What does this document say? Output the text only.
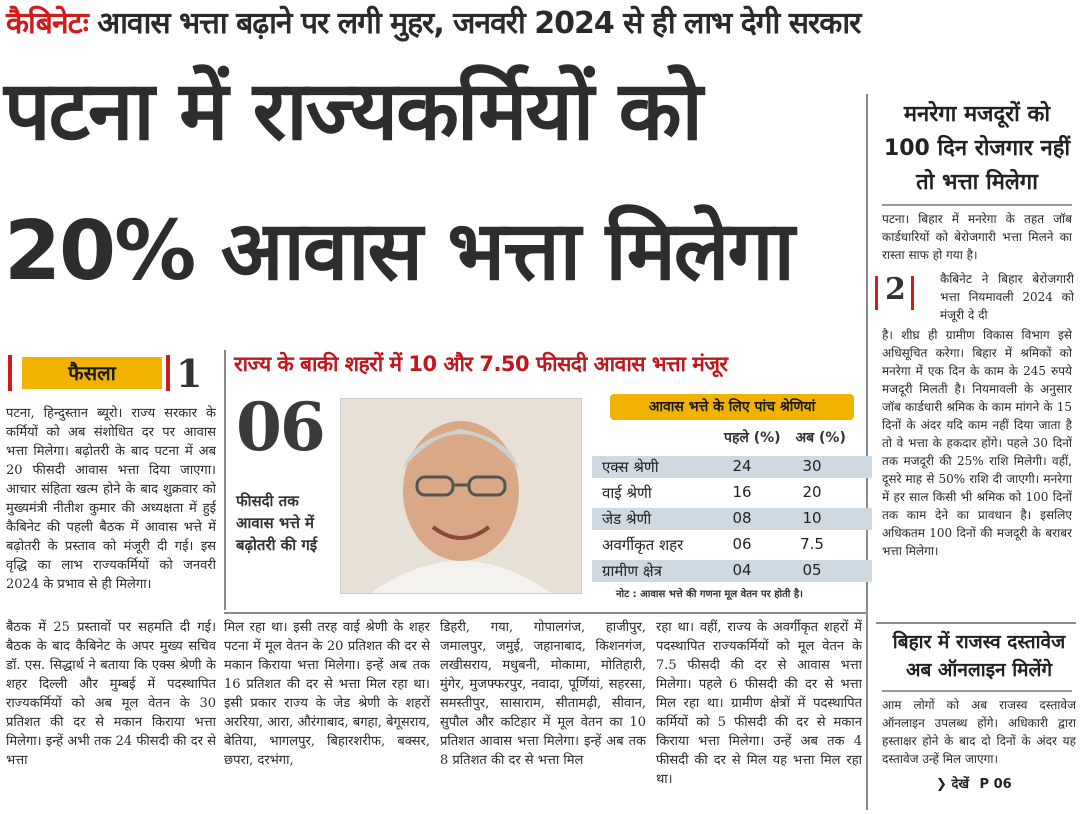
कैबिनेटः आवास भत्ता बढ़ाने पर लगी मुहर, जनवरी 2024 से ही लाभ देगी सरकार
पटना में राज्यकर्मियों को
20% आवास भत्ता मिलेगा
फैसला	1 राज्य के बाकी शहरों में 10 और 7.50 फीसदी आवास भत्ता मंजूर
पटना, हिन्दुस्तान ब्यूरो। राज्य सरकार के कर्मियों को अब संशोधित दर पर आवास भत्ता मिलेगा। बढ़ोतरी के बाद पटना में अब 20 फीसदी आवास भत्ता दिया जाएगा। आचार संहिता खत्म होने के बाद शुक्रवार को मुख्यमंत्री नीतीश कुमार की अध्यक्षता में हुई कैबिनेट की पहली बैठक में आवास भत्ते में बढ़ोतरी के प्रस्ताव को मंजूरी दी गई। इस वृद्धि का लाभ राज्यकर्मियों को जनवरी 2024 के प्रभाव से ही मिलेगा।
06
फीसदी तक आवास भत्ते में बढ़ोतरी की गई
आवास भत्ते के लिए पांच श्रेणियां
पहले (%) अब (%)
एक्स श्रेणी	24	30
वाई श्रेणी	16	20
जेड श्रेणी	08	10
अवर्गीकृत शहर	06	7.5
ग्रामीण क्षेत्र	04	05
नोट : आवास भत्ते की गणना मूल वेतन पर होती है।
बैठक में 25 प्रस्तावों पर सहमति दी गई। बैठक के बाद कैबिनेट के अपर मुख्य सचिव डॉ. एस. सिद्धार्थ ने बताया कि एक्स श्रेणी के शहर दिल्ली और मुम्बई में पदस्थापित राज्यकर्मियों को अब मूल वेतन के 30 प्रतिशत की दर से मकान किराया भत्ता मिलेगा। इन्हें अभी तक 24 फीसदी की दर से भत्ता
मिल रहा था। इसी तरह वाई श्रेणी के शहर पटना में मूल वेतन के 20 प्रतिशत की दर से मकान किराया भत्ता मिलेगा। इन्हें अब तक 16 प्रतिशत की दर से भत्ता मिल रहा था। इसी प्रकार राज्य के जेड श्रेणी के शहरों अररिया, आरा, औरंगाबाद, बगहा, बेगूसराय, बेतिया, भागलपुर, बिहारशरीफ, बक्सर, छपरा, दरभंगा,
डिहरी, गया, गोपालगंज, हाजीपुर, जमालपुर, जमुई, जहानाबाद, किशनगंज, लखीसराय, मधुबनी, मोकामा, मोतिहारी, मुंगेर, मुजफ्फरपुर, नवादा, पूर्णियां, सहरसा, समस्तीपुर, सासाराम, सीतामढ़ी, सीवान, सुपौल और कटिहार में मूल वेतन का 10 प्रतिशत आवास भत्ता मिलेगा। इन्हें अब तक 8 प्रतिशत की दर से भत्ता मिल
रहा था। वहीं, राज्य के अवर्गीकृत शहरों में पदस्थापित राज्यकर्मियों को मूल वेतन के 7.5 फीसदी की दर से आवास भत्ता मिलेगा। पहले 6 फीसदी की दर से भत्ता मिल रहा था। ग्रामीण क्षेत्रों में पदस्थापित कर्मियों को 5 फीसदी की दर से मकान किराया भत्ता मिलेगा। उन्हें अब तक 4 फीसदी की दर से मिल यह भत्ता मिल रहा था।
मनरेगा मजदूरों को 100 दिन रोजगार नहीं तो भत्ता मिलेगा
पटना। बिहार में मनरेगा के तहत जॉब कार्डधारियों को बेरोजगारी भत्ता मिलने का रास्ता साफ हो गया है।
2	कैबिनेट ने बिहार बेरोजगारी भत्ता नियमावली 2024 को मंजूरी दे दी
है। शीघ्र ही ग्रामीण विकास विभाग इसे अधिसूचित करेगा। बिहार में श्रमिकों को मनरेगा में एक दिन के काम के 245 रुपये मजदूरी मिलती है। नियमावली के अनुसार जॉब कार्डधारी श्रमिक के काम मांगने के 15 दिनों के अंदर यदि काम नहीं दिया जाता है तो वे भत्ता के हकदार होंगे। पहले 30 दिनों तक मजदूरी की 25% राशि मिलेगी। वहीं, दूसरे माह से 50% राशि दी जाएगी। मनरेगा में हर साल किसी भी श्रमिक को 100 दिनों तक काम देने का प्रावधान है। इसलिए अधिकतम 100 दिनों की मजदूरी के बराबर भत्ता मिलेगा।
बिहार में राजस्व दस्तावेज अब ऑनलाइन मिलेंगे
आम लोगों को अब राजस्व दस्तावेज ऑनलाइन उपलब्ध होंगे। अधिकारी द्वारा हस्ताक्षर होने के बाद दो दिनों के अंदर यह दस्तावेज उन्हें मिल जाएगा।
❯ देखें P 06
